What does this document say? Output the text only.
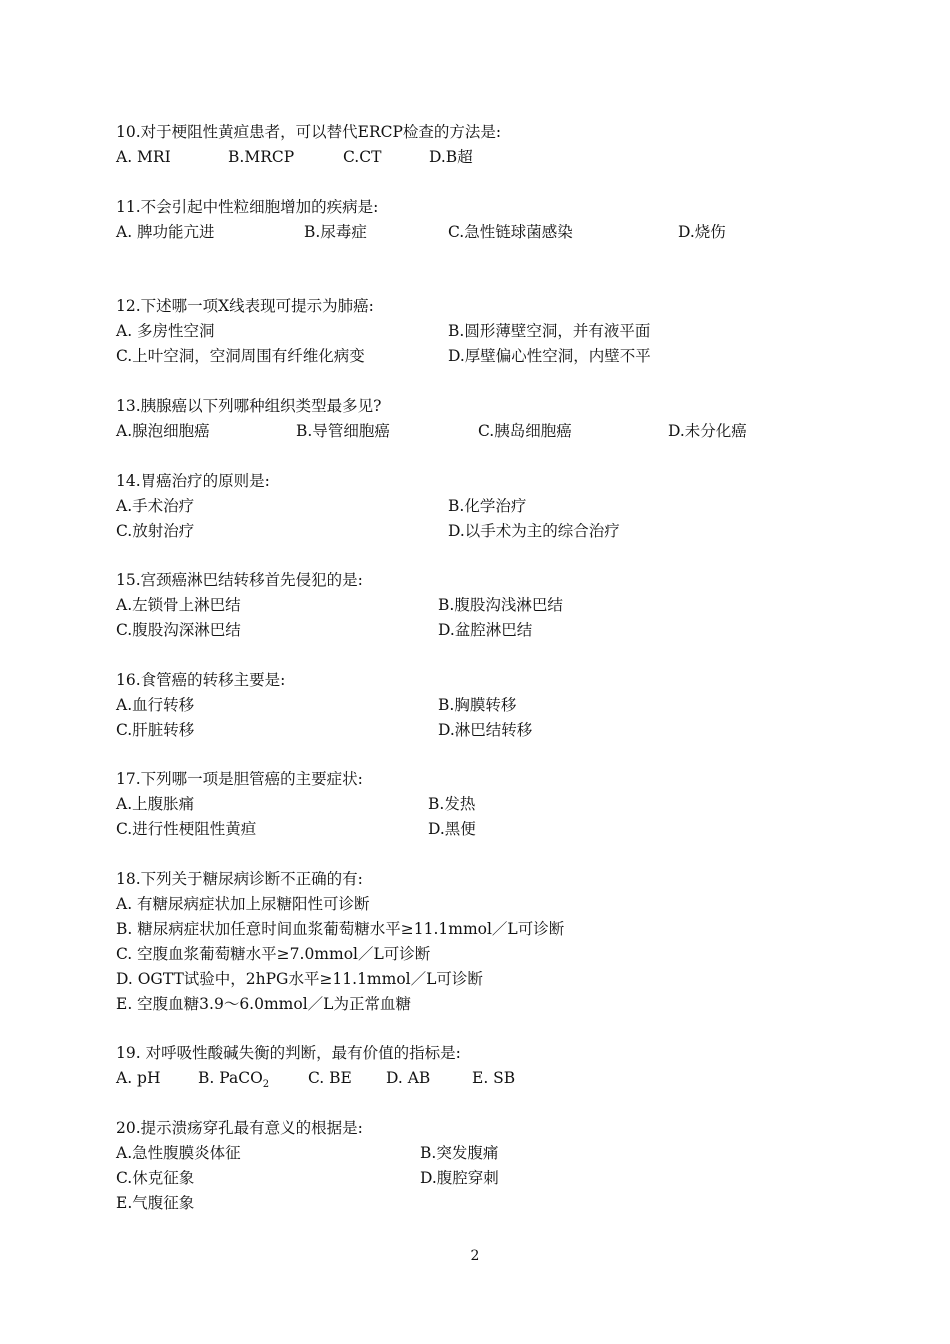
10.对于梗阻性黄疸患者，可以替代ERCP检查的方法是:
A. MRI	B.MRCP	C.CT	D.B超
11.不会引起中性粒细胞增加的疾病是:
A. 脾功能亢进	B.尿毒症	C.急性链球菌感染	D.烧伤
12.下述哪一项X线表现可提示为肺癌:
A. 多房性空洞	B.圆形薄壁空洞，并有液平面
C.上叶空洞，空洞周围有纤维化病变	D.厚壁偏心性空洞，内壁不平
13.胰腺癌以下列哪种组织类型最多见?
A.腺泡细胞癌	B.导管细胞癌	C.胰岛细胞癌	D.未分化癌
14.胃癌治疗的原则是:
A.手术治疗	B.化学治疗
C.放射治疗	D.以手术为主的综合治疗
15.宫颈癌淋巴结转移首先侵犯的是:
A.左锁骨上淋巴结	B.腹股沟浅淋巴结
C.腹股沟深淋巴结	D.盆腔淋巴结
16.食管癌的转移主要是:
A.血行转移	B.胸膜转移
C.肝脏转移	D.淋巴结转移
17.下列哪一项是胆管癌的主要症状:
A.上腹胀痛	B.发热
C.进行性梗阻性黄疸	D.黑便
18.下列关于糖尿病诊断不正确的有:
A. 有糖尿病症状加上尿糖阳性可诊断
B. 糖尿病症状加任意时间血浆葡萄糖水平≥11.1mmol／L可诊断
C. 空腹血浆葡萄糖水平≥7.0mmol／L可诊断
D. OGTT试验中，2hPG水平≥11.1mmol／L可诊断
E. 空腹血糖3.9～6.0mmol／L为正常血糖
19. 对呼吸性酸碱失衡的判断，最有价值的指标是:
A. pH B. PaCO$_2$	C. BE D. AB	E. SB
20.提示溃疡穿孔最有意义的根据是:
A.急性腹膜炎体征	B.突发腹痛
C.休克征象	D.腹腔穿刺
E.气腹征象
2
